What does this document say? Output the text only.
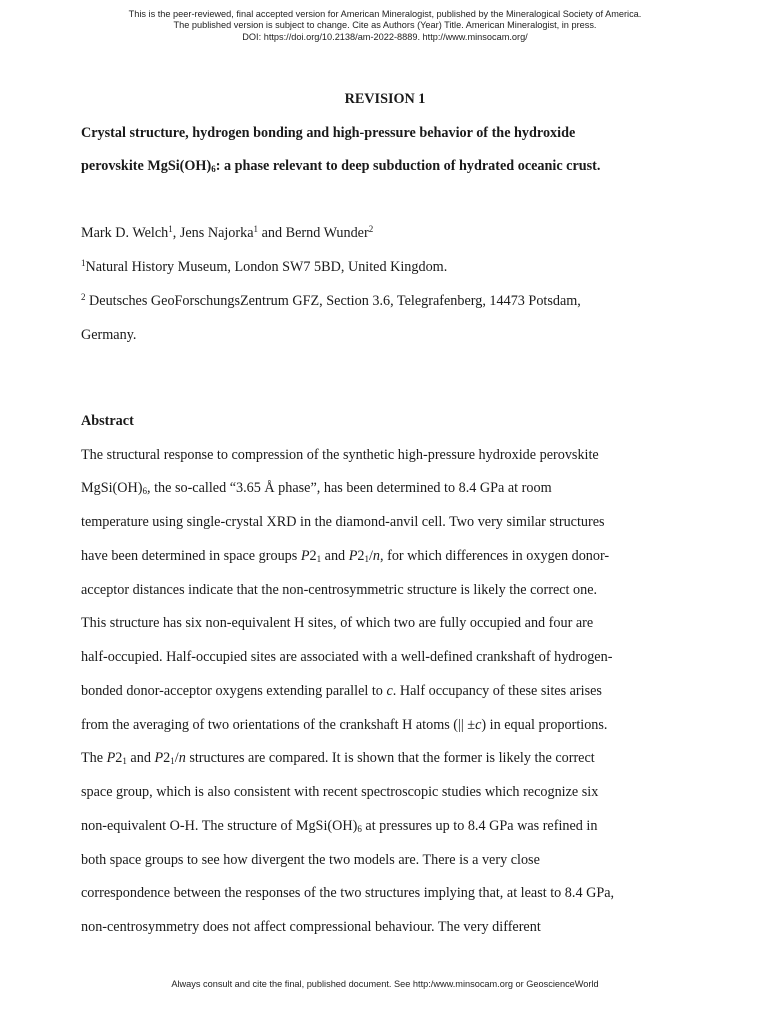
This is the peer-reviewed, final accepted version for American Mineralogist, published by the Mineralogical Society of America.
The published version is subject to change. Cite as Authors (Year) Title. American Mineralogist, in press.
DOI: https://doi.org/10.2138/am-2022-8889. http://www.minsocam.org/
REVISION 1
Crystal structure, hydrogen bonding and high-pressure behavior of the hydroxide
perovskite $MgSi(OH)_6$: a phase relevant to deep subduction of hydrated oceanic crust.
Mark D. Welch$^1$, Jens Najorka$^1$ and Bernd Wunder$^2$
$^1$Natural History Museum, London SW7 5BD, United Kingdom.
$^2$ Deutsches GeoForschungsZentrum GFZ, Section 3.6, Telegrafenberg, 14473 Potsdam,
Germany.
Abstract
The structural response to compression of the synthetic high-pressure hydroxide perovskite
$MgSi(OH)_6$, the so-called “3.65 Å phase”, has been determined to 8.4 GPa at room
temperature using single-crystal XRD in the diamond-anvil cell. Two very similar structures
have been determined in space groups $P2_1$ and $P2_1/n$, for which differences in oxygen donor-
acceptor distances indicate that the non-centrosymmetric structure is likely the correct one.
This structure has six non-equivalent H sites, of which two are fully occupied and four are
half-occupied. Half-occupied sites are associated with a well-defined crankshaft of hydrogen-
bonded donor-acceptor oxygens extending parallel to c. Half occupancy of these sites arises
from the averaging of two orientations of the crankshaft H atoms (|| ±c) in equal proportions.
The $P2_1$ and $P2_1/n$ structures are compared. It is shown that the former is likely the correct
space group, which is also consistent with recent spectroscopic studies which recognize six
non-equivalent O-H. The structure of $MgSi(OH)_6$ at pressures up to 8.4 GPa was refined in
both space groups to see how divergent the two models are. There is a very close
correspondence between the responses of the two structures implying that, at least to 8.4 GPa,
non-centrosymmetry does not affect compressional behaviour. The very different
Always consult and cite the final, published document. See http:/www.minsocam.org or GeoscienceWorld
